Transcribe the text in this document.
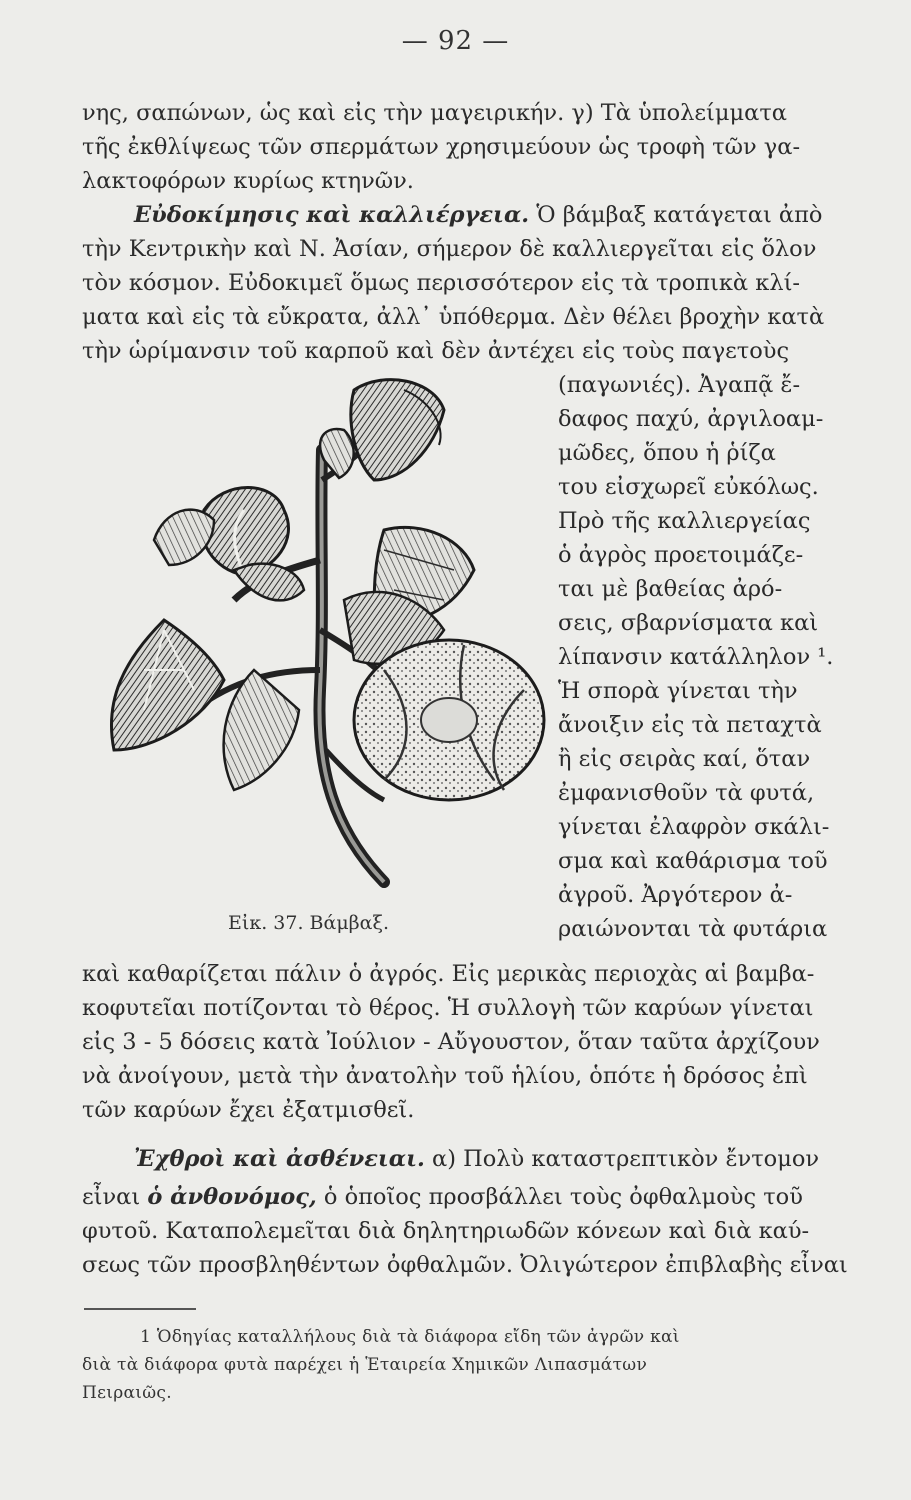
— 92 —
νης, σαπώνων, ὡς καὶ εἰς τὴν μαγειρικήν. γ) Τὰ ὑπολείμματα
τῆς ἐκθλίψεως τῶν σπερμάτων χρησιμεύουν ὡς τροφὴ τῶν γα-
λακτοφόρων κυρίως κτηνῶν.
Εὐδοκίμησις καὶ καλλιέργεια. Ὁ βάμβαξ κατάγεται ἀπὸ
τὴν Κεντρικὴν καὶ Ν. Ἀσίαν, σήμερον δὲ καλλιεργεῖται εἰς ὅλον
τὸν κόσμον. Εὐδοκιμεῖ ὅμως περισσότερον εἰς τὰ τροπικὰ κλί-
ματα καὶ εἰς τὰ εὔκρατα, ἀλλ᾽ ὑπόθερμα. Δὲν θέλει βροχὴν κατὰ
τὴν ὡρίμανσιν τοῦ καρποῦ καὶ δὲν ἀντέχει εἰς τοὺς παγετοὺς
(παγωνιές). Ἀγαπᾷ ἔ-
δαφος παχύ, ἀργιλοαμ-
μῶδες, ὅπου ἡ ῥίζα
του εἰσχωρεῖ εὐκόλως.
Πρὸ τῆς καλλιεργείας
ὁ ἀγρὸς προετοιμάζε-
ται μὲ βαθείας ἀρό-
σεις, σβαρνίσματα καὶ
λίπανσιν κατάλληλον ¹.
Ἡ σπορὰ γίνεται τὴν
ἄνοιξιν εἰς τὰ πεταχτὰ
ἢ εἰς σειρὰς καί, ὅταν
ἐμφανισθοῦν τὰ φυτά,
γίνεται ἐλαφρὸν σκάλι-
σμα καὶ καθάρισμα τοῦ
ἀγροῦ. Ἀργότερον ἀ-
ραιώνονται τὰ φυτάρια
Εἰκ. 37. Βάμβαξ.
καὶ καθαρίζεται πάλιν ὁ ἀγρός. Εἰς μερικὰς περιοχὰς αἱ βαμβα-
κοφυτεῖαι ποτίζονται τὸ θέρος. Ἡ συλλογὴ τῶν καρύων γίνεται
εἰς 3 - 5 δόσεις κατὰ Ἰούλιον - Αὔγουστον, ὅταν ταῦτα ἀρχίζουν
νὰ ἀνοίγουν, μετὰ τὴν ἀνατολὴν τοῦ ἡλίου, ὁπότε ἡ δρόσος ἐπὶ
τῶν καρύων ἔχει ἐξατμισθεῖ.
Ἐχθροὶ καὶ ἀσθένειαι. α) Πολὺ καταστρεπτικὸν ἔντομον
εἶναι ὁ ἀνθονόμος, ὁ ὁποῖος προσβάλλει τοὺς ὀφθαλμοὺς τοῦ
φυτοῦ. Καταπολεμεῖται διὰ δηλητηριωδῶν κόνεων καὶ διὰ καύ-
σεως τῶν προσβληθέντων ὀφθαλμῶν. Ὀλιγώτερον ἐπιβλαβὴς εἶναι
1 Ὁδηγίας καταλλήλους διὰ τὰ διάφορα εἴδη τῶν ἀγρῶν καὶ
διὰ τὰ διάφορα φυτὰ παρέχει ἡ Ἑταιρεία Χημικῶν Λιπασμάτων
Πειραιῶς.
